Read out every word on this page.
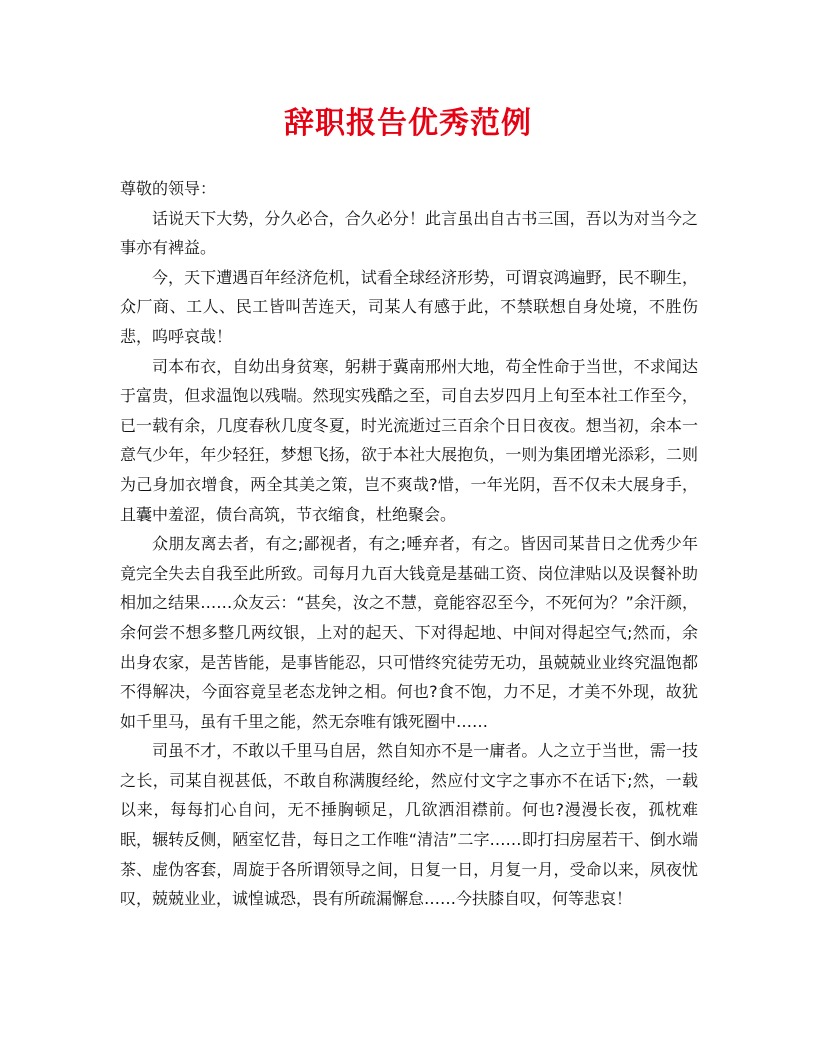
辞职报告优秀范例

尊敬的领导：

话说天下大势，分久必合，合久必分！此言虽出自古书三国，吾以为对当今之事亦有裨益。

今，天下遭遇百年经济危机，试看全球经济形势，可谓哀鸿遍野，民不聊生，众厂商、工人、民工皆叫苦连天，司某人有感于此，不禁联想自身处境，不胜伤悲，呜呼哀哉！

司本布衣，自幼出身贫寒，躬耕于冀南邢州大地，苟全性命于当世，不求闻达于富贵，但求温饱以残喘。然现实残酷之至，司自去岁四月上旬至本社工作至今，已一载有余，几度春秋几度冬夏，时光流逝过三百余个日日夜夜。想当初，余本一意气少年，年少轻狂，梦想飞扬，欲于本社大展抱负，一则为集团增光添彩，二则为己身加衣增食，两全其美之策，岂不爽哉?惜，一年光阴，吾不仅未大展身手，且囊中羞涩，债台高筑，节衣缩食，杜绝聚会。

众朋友离去者，有之;鄙视者，有之;唾弃者，有之。皆因司某昔日之优秀少年竟完全失去自我至此所致。司每月九百大钱竟是基础工资、岗位津贴以及误餐补助相加之结果……众友云：“甚矣，汝之不慧，竟能容忍至今，不死何为？”余汗颜，余何尝不想多整几两纹银，上对的起天、下对得起地、中间对得起空气;然而，余出身农家，是苦皆能，是事皆能忍，只可惜终究徒劳无功，虽兢兢业业终究温饱都不得解决，今面容竟呈老态龙钟之相。何也?食不饱，力不足，才美不外现，故犹如千里马，虽有千里之能，然无奈唯有饿死圈中……

司虽不才，不敢以千里马自居，然自知亦不是一庸者。人之立于当世，需一技之长，司某自视甚低，不敢自称满腹经纶，然应付文字之事亦不在话下;然，一载以来，每每扪心自问，无不捶胸顿足，几欲洒泪襟前。何也?漫漫长夜，孤枕难眠，辗转反侧，陋室忆昔，每日之工作唯“清洁”二字……即打扫房屋若干、倒水端茶、虚伪客套，周旋于各所谓领导之间，日复一日，月复一月，受命以来，夙夜忧叹，兢兢业业，诚惶诚恐，畏有所疏漏懈怠……今扶膝自叹，何等悲哀！
